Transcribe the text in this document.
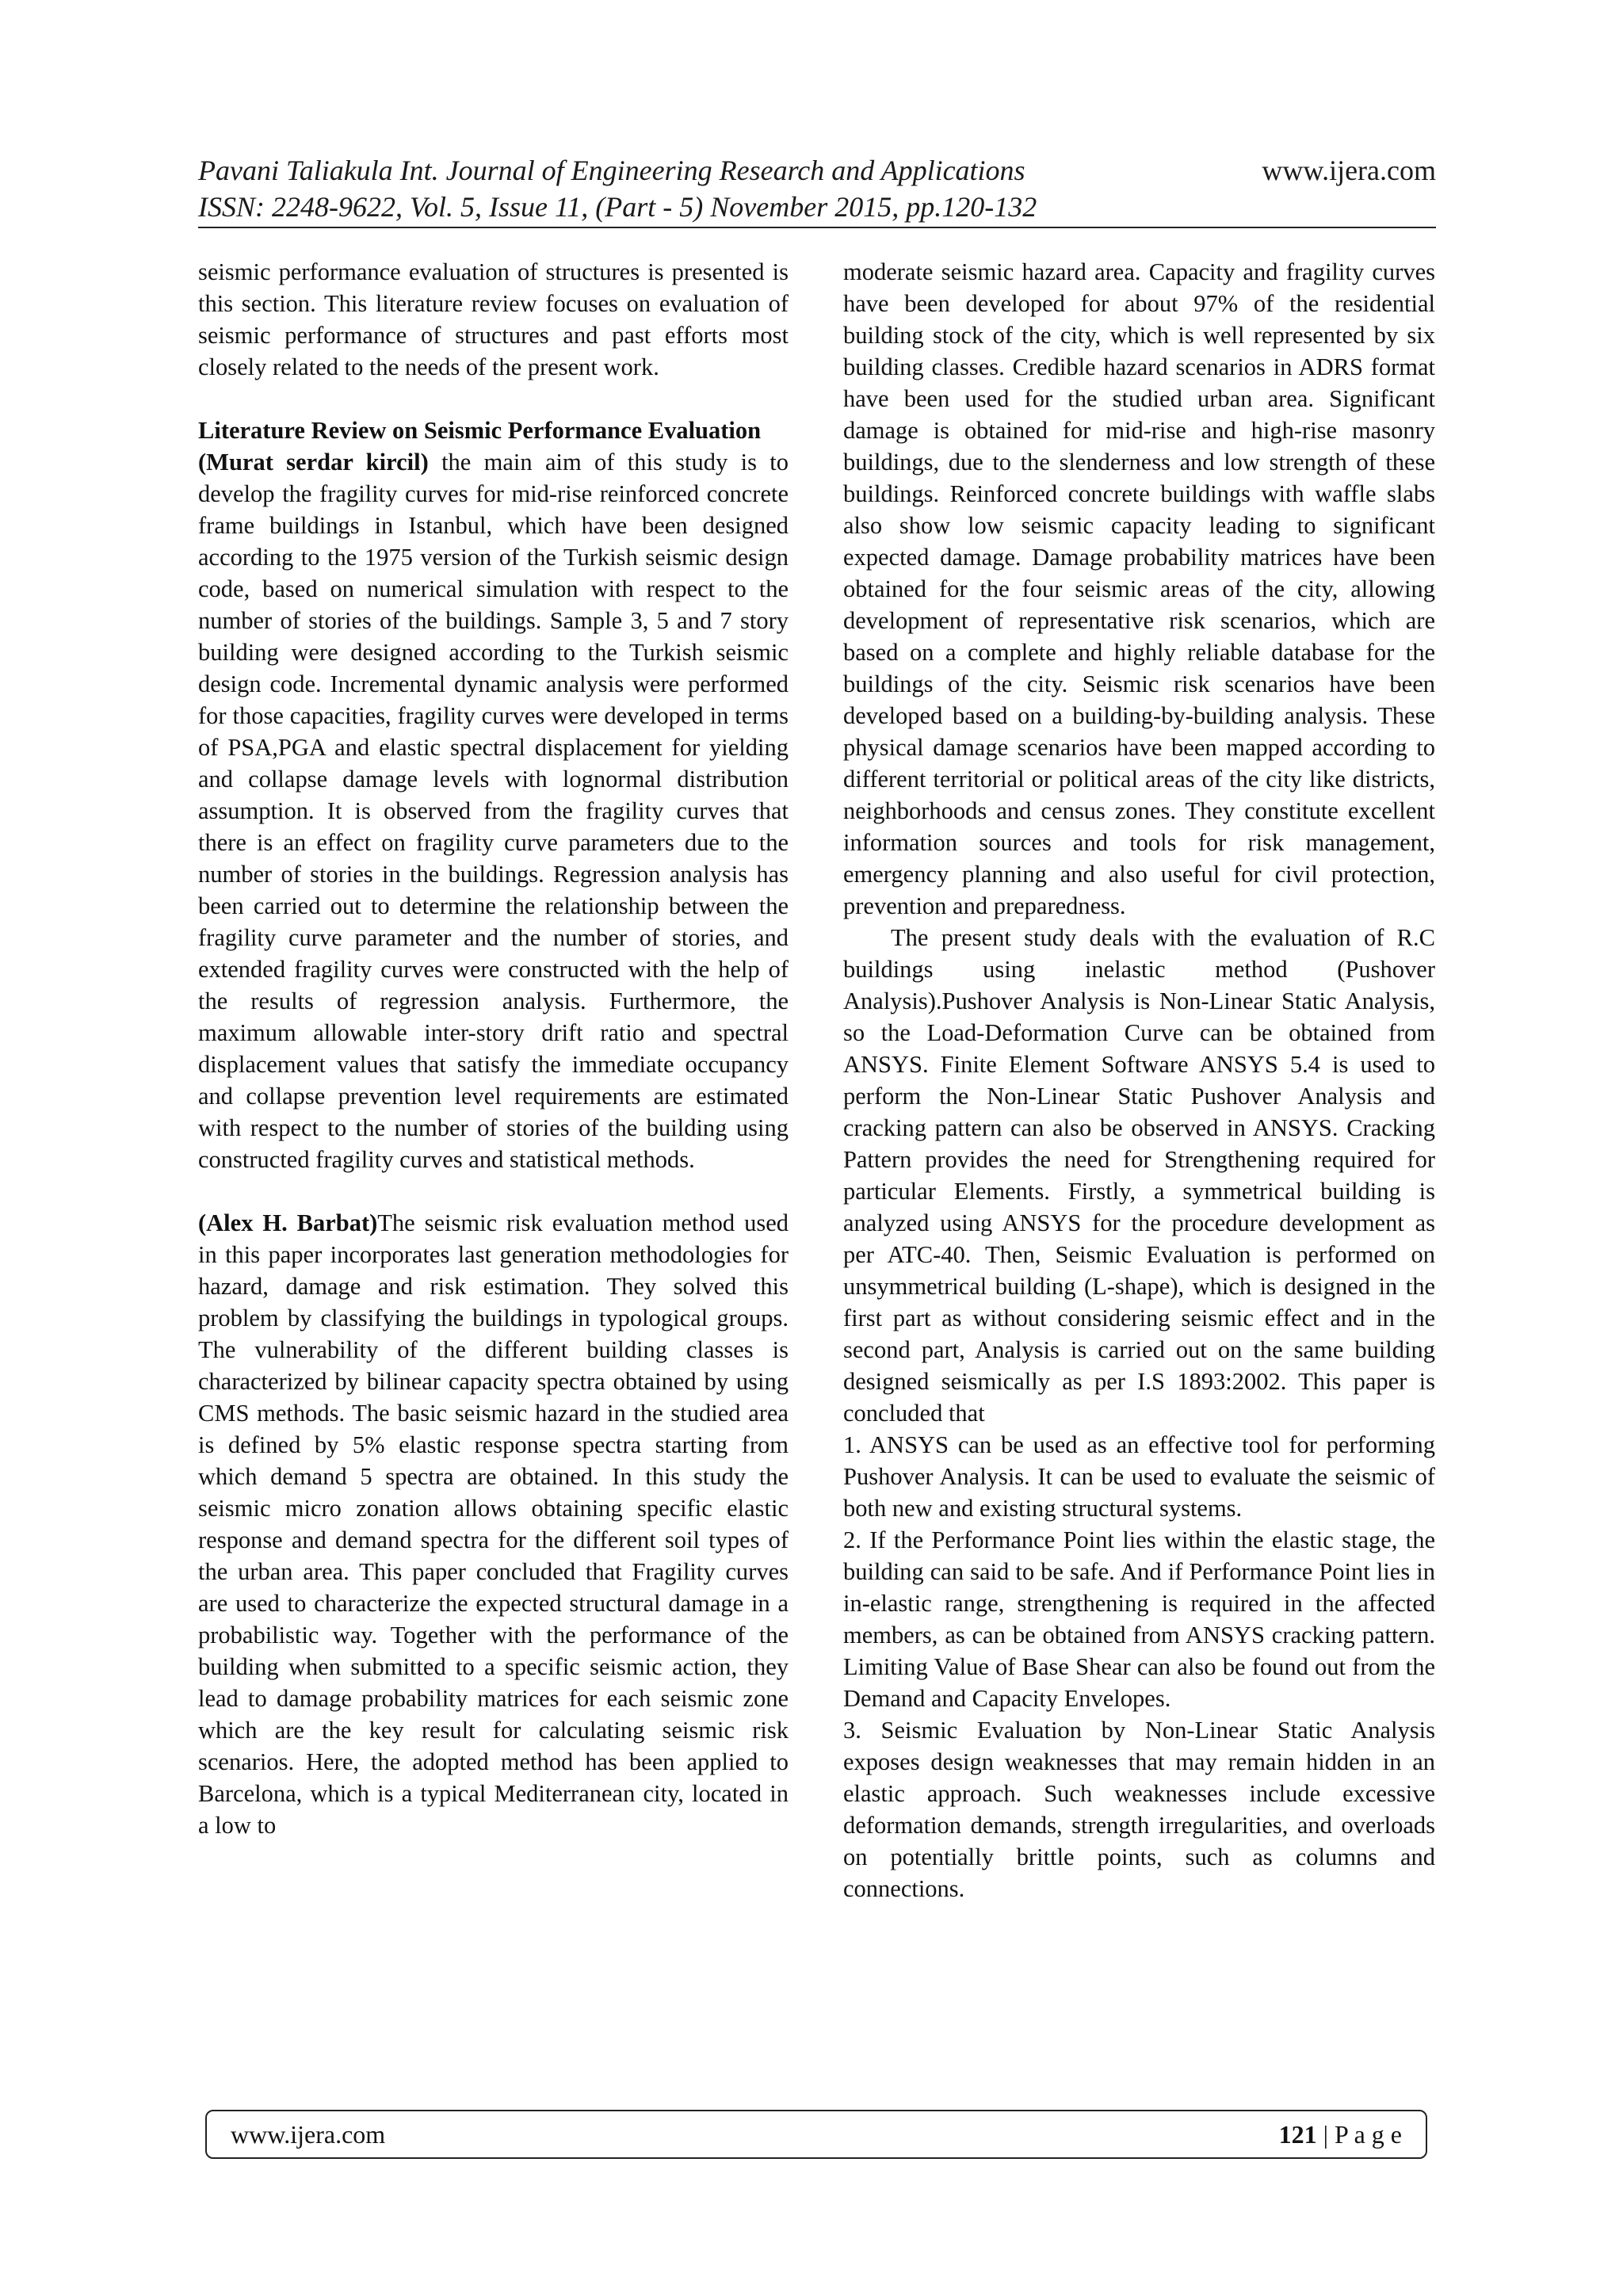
Pavani Taliakula Int. Journal of Engineering Research and Applications	www.ijera.com
ISSN: 2248-9622, Vol. 5, Issue 11, (Part - 5) November 2015, pp.120-132

seismic performance evaluation of structures is presented is this section. This literature review focuses on evaluation of seismic performance of structures and past efforts most closely related to the needs of the present work.

Literature Review on Seismic Performance Evaluation

(Murat serdar kircil) the main aim of this study is to develop the fragility curves for mid-rise reinforced concrete frame buildings in Istanbul, which have been designed according to the 1975 version of the Turkish seismic design code, based on numerical simulation with respect to the number of stories of the buildings. Sample 3, 5 and 7 story building were designed according to the Turkish seismic design code. Incremental dynamic analysis were performed for those capacities, fragility curves were developed in terms of PSA,PGA and elastic spectral displacement for yielding and collapse damage levels with lognormal distribution assumption. It is observed from the fragility curves that there is an effect on fragility curve parameters due to the number of stories in the buildings. Regression analysis has been carried out to determine the relationship between the fragility curve parameter and the number of stories, and extended fragility curves were constructed with the help of the results of regression analysis. Furthermore, the maximum allowable inter-story drift ratio and spectral displacement values that satisfy the immediate occupancy and collapse prevention level requirements are estimated with respect to the number of stories of the building using constructed fragility curves and statistical methods.

(Alex H. Barbat)The seismic risk evaluation method used in this paper incorporates last generation methodologies for hazard, damage and risk estimation. They solved this problem by classifying the buildings in typological groups. The vulnerability of the different building classes is characterized by bilinear capacity spectra obtained by using CMS methods. The basic seismic hazard in the studied area is defined by 5% elastic response spectra starting from which demand 5 spectra are obtained. In this study the seismic micro zonation allows obtaining specific elastic response and demand spectra for the different soil types of the urban area. This paper concluded that Fragility curves are used to characterize the expected structural damage in a probabilistic way. Together with the performance of the building when submitted to a specific seismic action, they lead to damage probability matrices for each seismic zone which are the key result for calculating seismic risk scenarios. Here, the adopted method has been applied to Barcelona, which is a typical Mediterranean city, located in a low to

moderate seismic hazard area. Capacity and fragility curves have been developed for about 97% of the residential building stock of the city, which is well represented by six building classes. Credible hazard scenarios in ADRS format have been used for the studied urban area. Significant damage is obtained for mid-rise and high-rise masonry buildings, due to the slenderness and low strength of these buildings. Reinforced concrete buildings with waffle slabs also show low seismic capacity leading to significant expected damage. Damage probability matrices have been obtained for the four seismic areas of the city, allowing development of representative risk scenarios, which are based on a complete and highly reliable database for the buildings of the city. Seismic risk scenarios have been developed based on a building-by-building analysis. These physical damage scenarios have been mapped according to different territorial or political areas of the city like districts, neighborhoods and census zones. They constitute excellent information sources and tools for risk management, emergency planning and also useful for civil protection, prevention and preparedness.

The present study deals with the evaluation of R.C buildings using inelastic method (Pushover Analysis).Pushover Analysis is Non-Linear Static Analysis, so the Load-Deformation Curve can be obtained from ANSYS. Finite Element Software ANSYS 5.4 is used to perform the Non-Linear Static Pushover Analysis and cracking pattern can also be observed in ANSYS. Cracking Pattern provides the need for Strengthening required for particular Elements. Firstly, a symmetrical building is analyzed using ANSYS for the procedure development as per ATC-40. Then, Seismic Evaluation is performed on unsymmetrical building (L-shape), which is designed in the first part as without considering seismic effect and in the second part, Analysis is carried out on the same building designed seismically as per I.S 1893:2002. This paper is concluded that

1. ANSYS can be used as an effective tool for performing Pushover Analysis. It can be used to evaluate the seismic of both new and existing structural systems.

2. If the Performance Point lies within the elastic stage, the building can said to be safe. And if Performance Point lies in in-elastic range, strengthening is required in the affected members, as can be obtained from ANSYS cracking pattern. Limiting Value of Base Shear can also be found out from the Demand and Capacity Envelopes.

3. Seismic Evaluation by Non-Linear Static Analysis exposes design weaknesses that may remain hidden in an elastic approach. Such weaknesses include excessive deformation demands, strength irregularities, and overloads on potentially brittle points, such as columns and connections.

www.ijera.com	121 | P a g e
